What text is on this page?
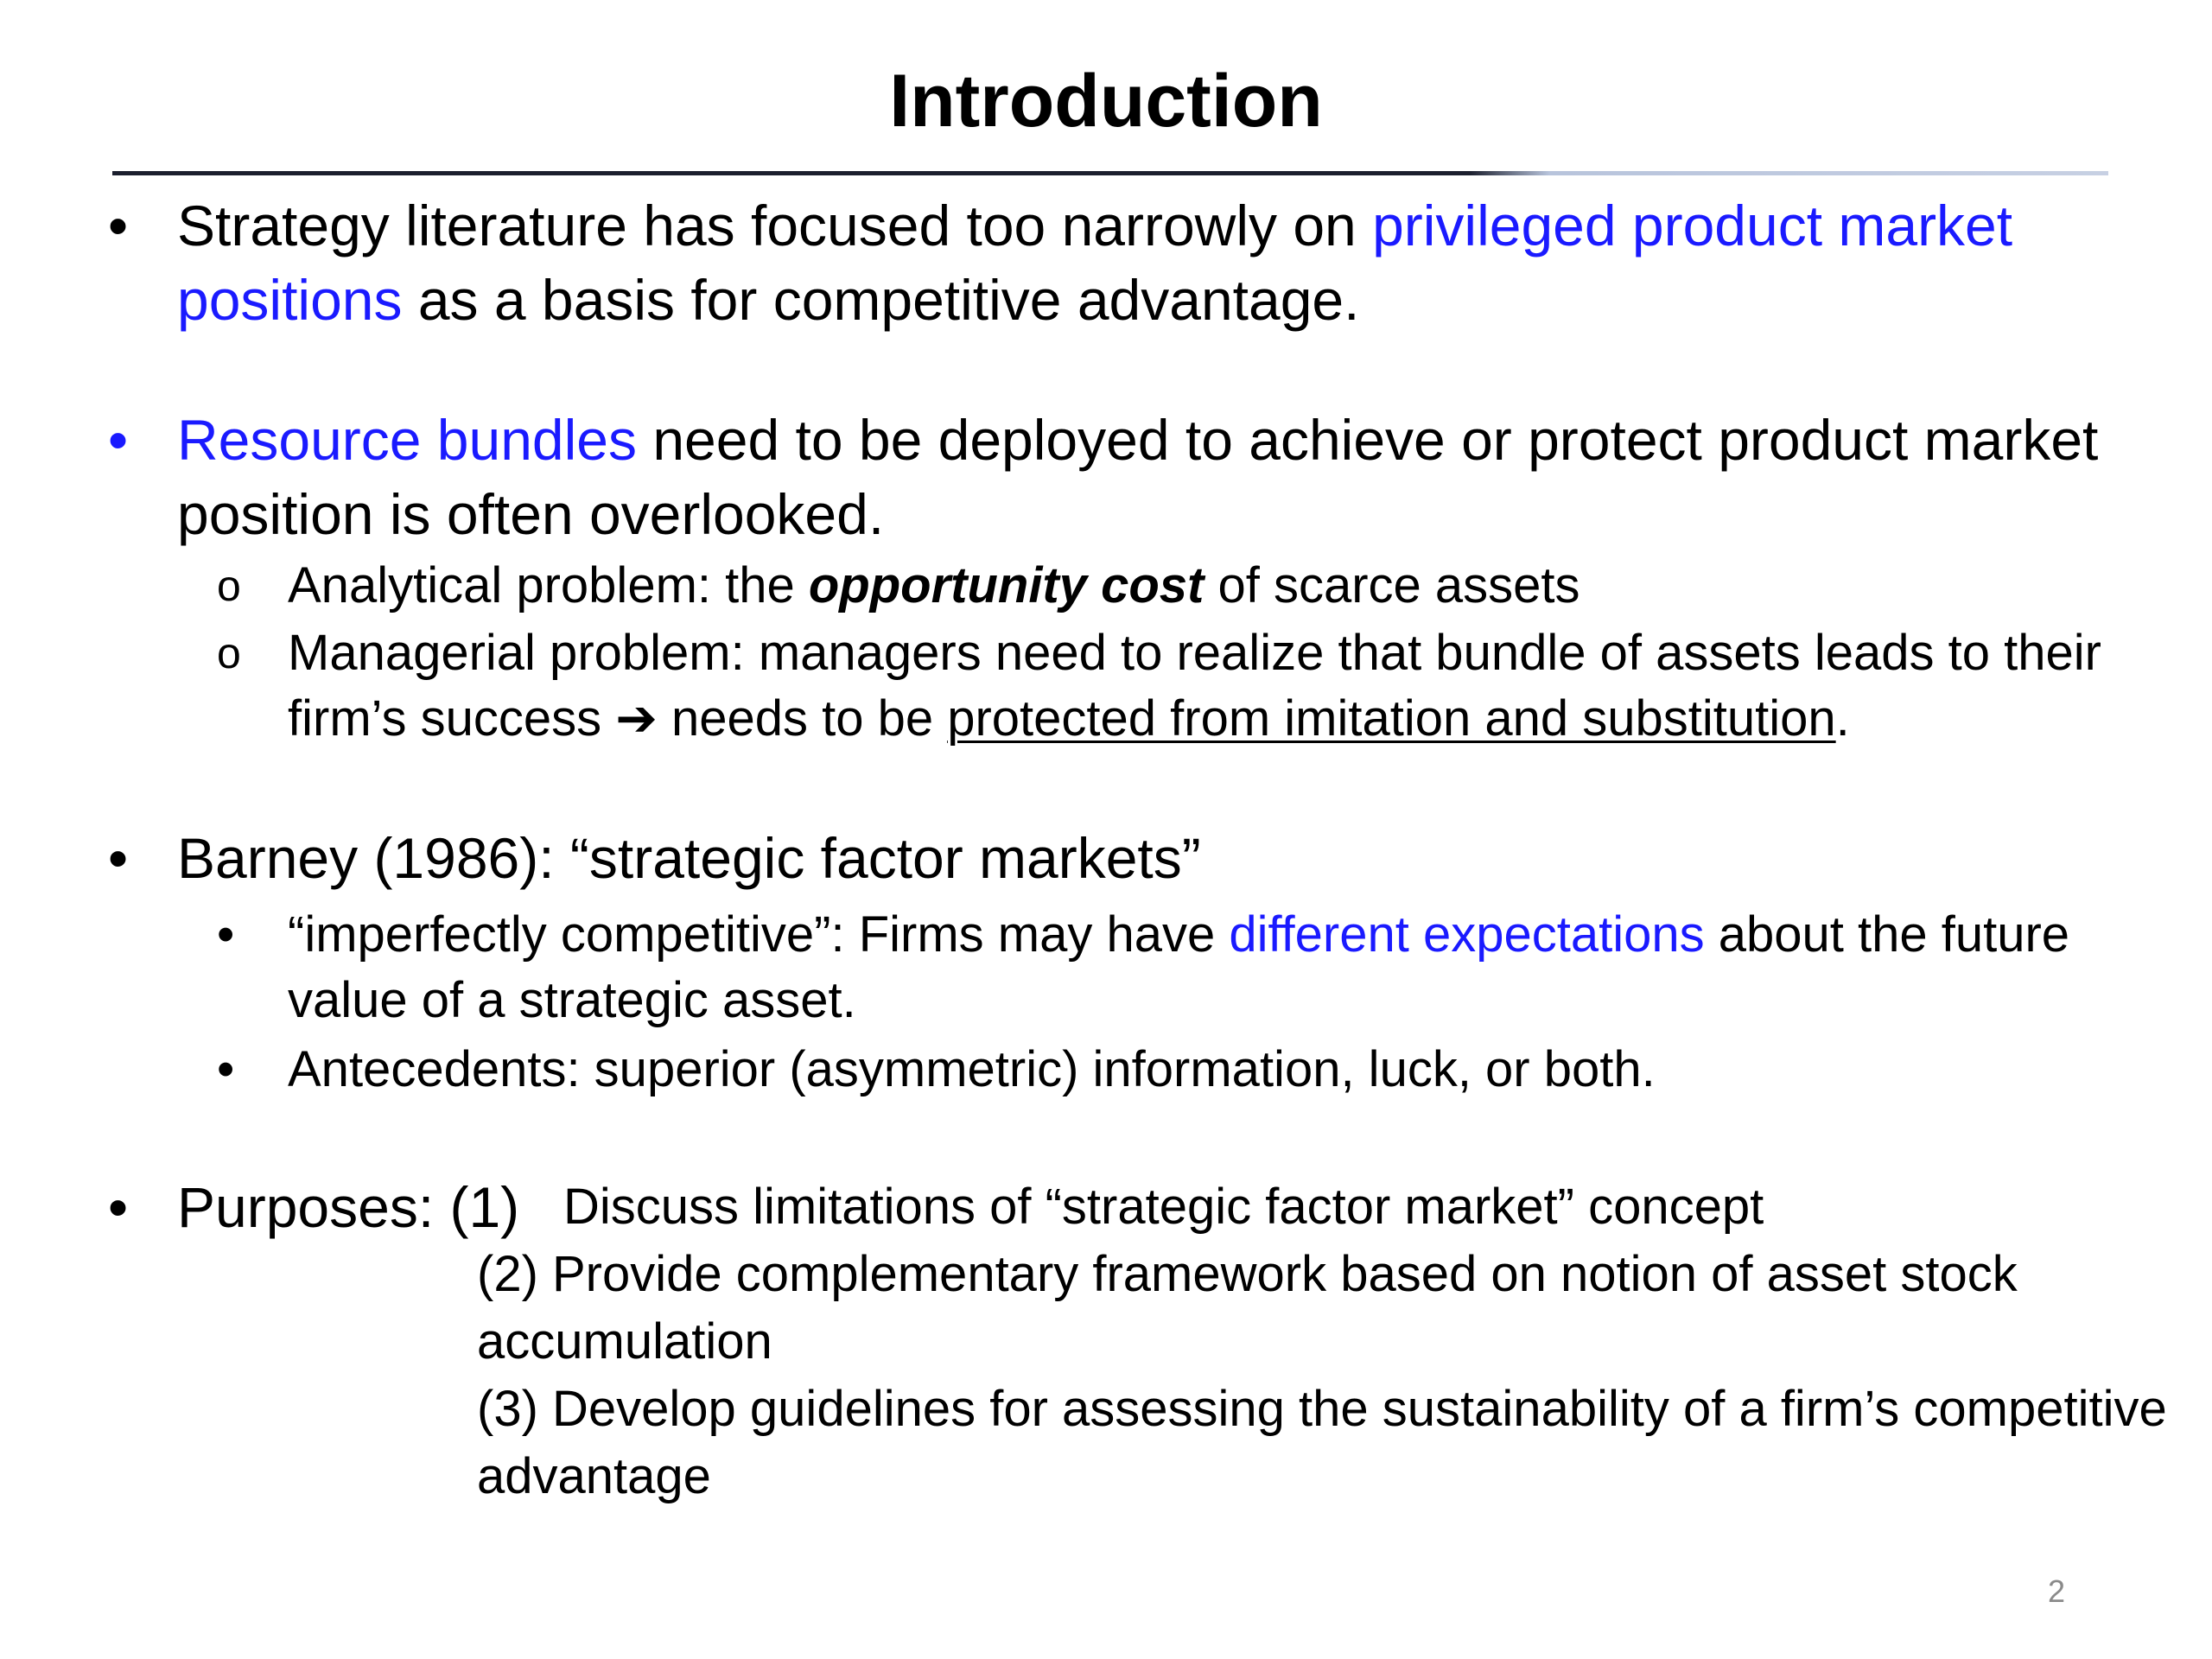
Introduction

• Strategy literature has focused too narrowly on privileged product market positions as a basis for competitive advantage.

• Resource bundles need to be deployed to achieve or protect product market position is often overlooked.

o Analytical problem: the opportunity cost of scarce assets

o Managerial problem: managers need to realize that bundle of assets leads to their firm’s success ➔ needs to be protected from imitation and substitution.

• Barney (1986): “strategic factor markets”

• “imperfectly competitive”: Firms may have different expectations about the future value of a strategic asset.

• Antecedents: superior (asymmetric) information, luck, or both.

• Purposes: (1) Discuss limitations of “strategic factor market” concept
(2) Provide complementary framework based on notion of asset stock accumulation
(3) Develop guidelines for assessing the sustainability of a firm’s competitive advantage
2
